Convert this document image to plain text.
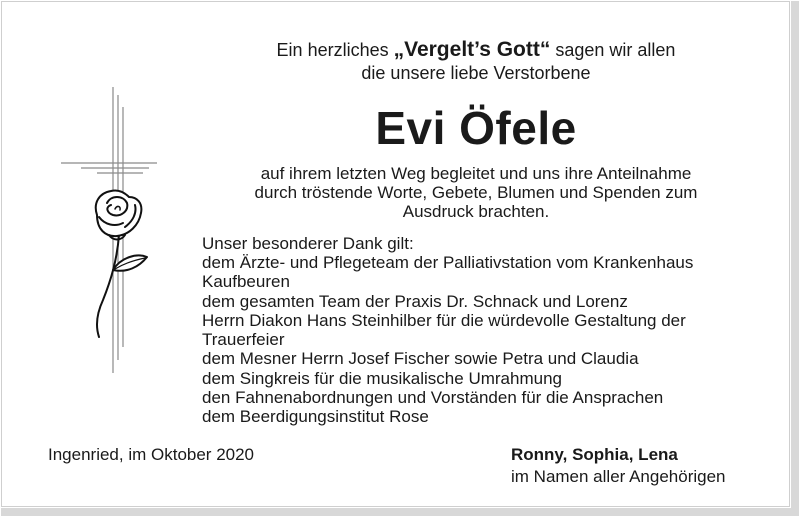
Ein herzliches „Vergelt’s Gott“ sagen wir allen
die unsere liebe Verstorbene
Evi Öfele
auf ihrem letzten Weg begleitet und uns ihre Anteilnahme
durch tröstende Worte, Gebete, Blumen und Spenden zum
Ausdruck brachten.
Unser besonderer Dank gilt:
dem Ärzte- und Pflegeteam der Palliativstation vom Krankenhaus
Kaufbeuren
dem gesamten Team der Praxis Dr. Schnack und Lorenz
Herrn Diakon Hans Steinhilber für die würdevolle Gestaltung der
Trauerfeier
dem Mesner Herrn Josef Fischer sowie Petra und Claudia
dem Singkreis für die musikalische Umrahmung
den Fahnenabordnungen und Vorständen für die Ansprachen
dem Beerdigungsinstitut Rose
Ingenried, im Oktober 2020	Ronny, Sophia, Lena
im Namen aller Angehörigen
